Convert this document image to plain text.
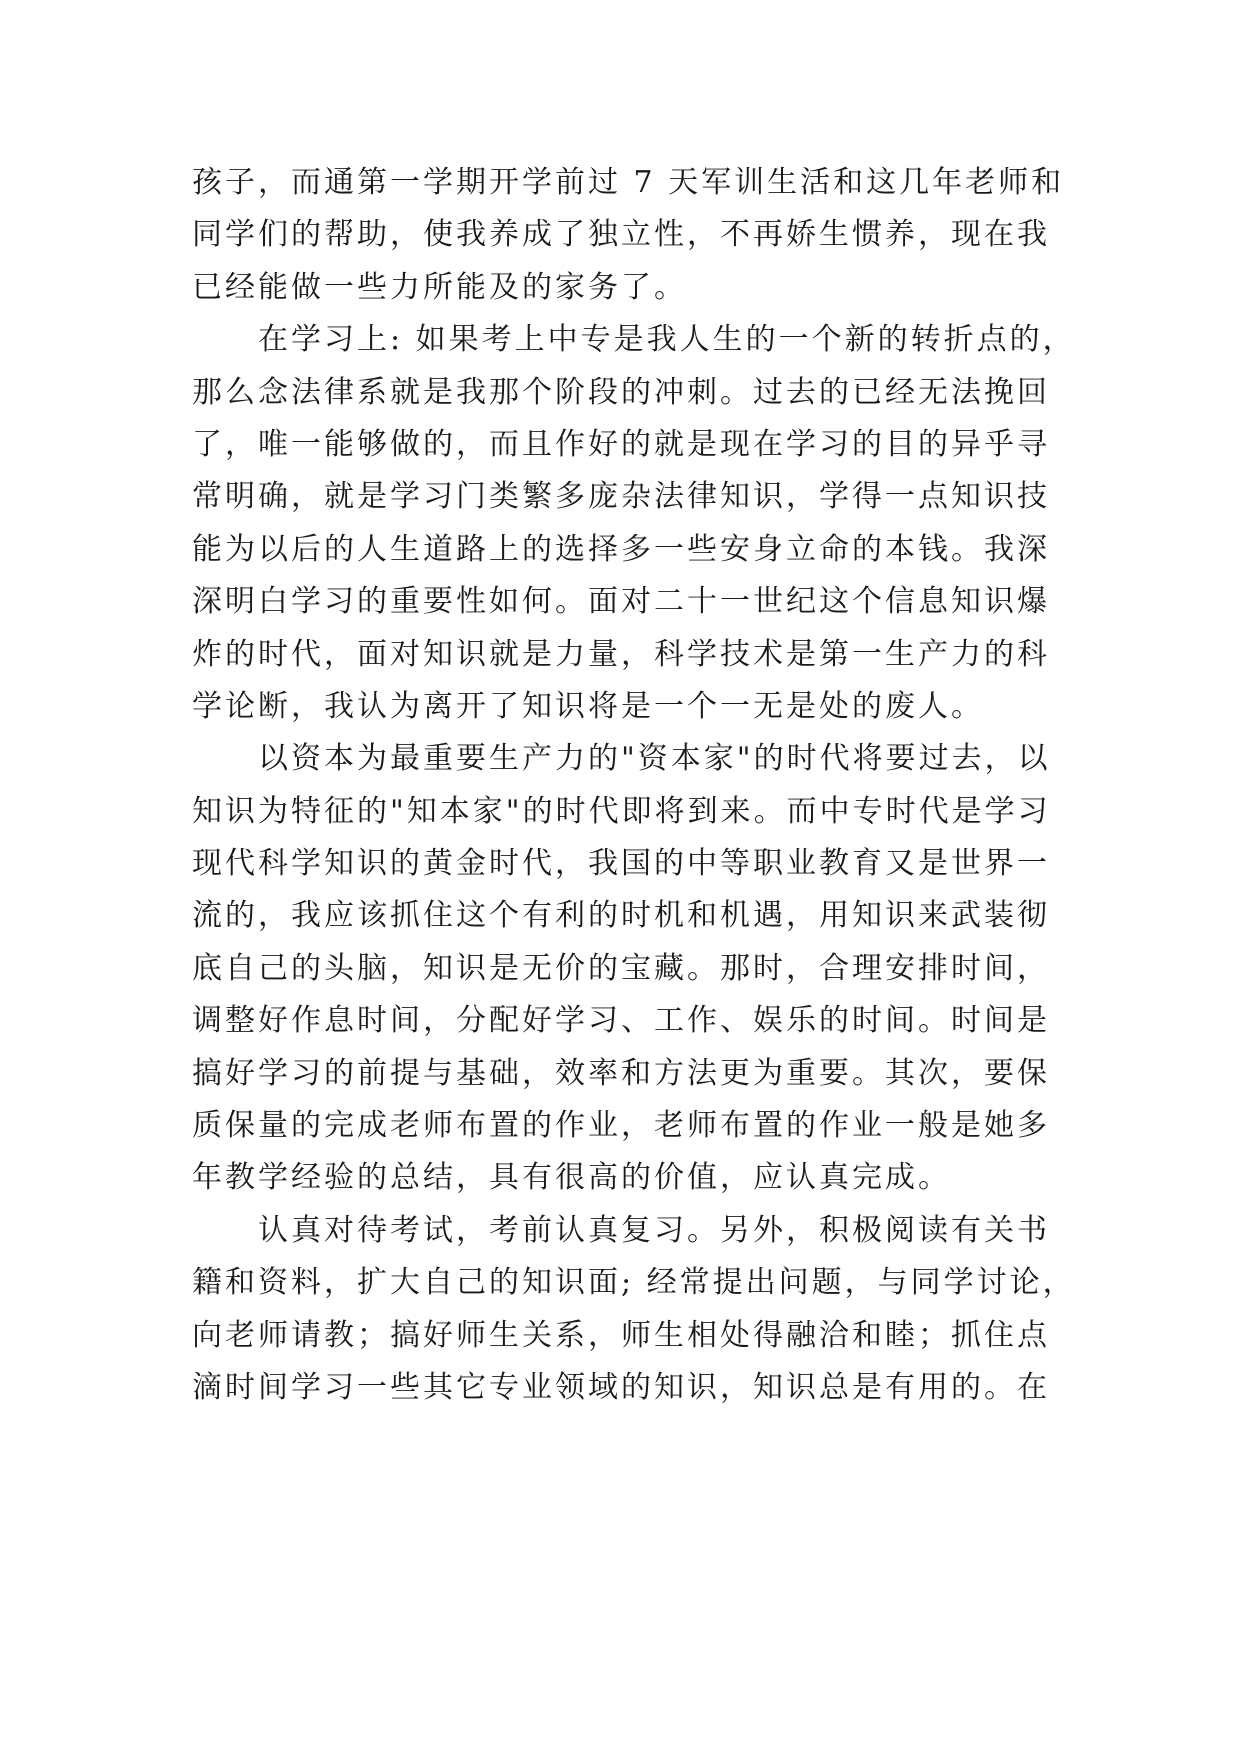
孩子，而通第一学期开学前过 7 天军训生活和这几年老师和
同学们的帮助，使我养成了独立性，不再娇生惯养，现在我
已经能做一些力所能及的家务了。
在学习上: 如果考上中专是我人生的一个新的转折点的，
那么念法律系就是我那个阶段的冲刺。过去的已经无法挽回
了，唯一能够做的，而且作好的就是现在学习的目的异乎寻
常明确，就是学习门类繁多庞杂法律知识，学得一点知识技
能为以后的人生道路上的选择多一些安身立命的本钱。我深
深明白学习的重要性如何。面对二十一世纪这个信息知识爆
炸的时代，面对知识就是力量，科学技术是第一生产力的科
学论断，我认为离开了知识将是一个一无是处的废人。
以资本为最重要生产力的"资本家"的时代将要过去，以
知识为特征的"知本家"的时代即将到来。而中专时代是学习
现代科学知识的黄金时代，我国的中等职业教育又是世界一
流的，我应该抓住这个有利的时机和机遇，用知识来武装彻
底自己的头脑，知识是无价的宝藏。那时，合理安排时间，
调整好作息时间，分配好学习、工作、娱乐的时间。时间是
搞好学习的前提与基础，效率和方法更为重要。其次，要保
质保量的完成老师布置的作业，老师布置的作业一般是她多
年教学经验的总结，具有很高的价值，应认真完成。
认真对待考试，考前认真复习。另外，积极阅读有关书
籍和资料，扩大自己的知识面; 经常提出问题，与同学讨论，
向老师请教；搞好师生关系，师生相处得融洽和睦；抓住点
滴时间学习一些其它专业领域的知识，知识总是有用的。在
